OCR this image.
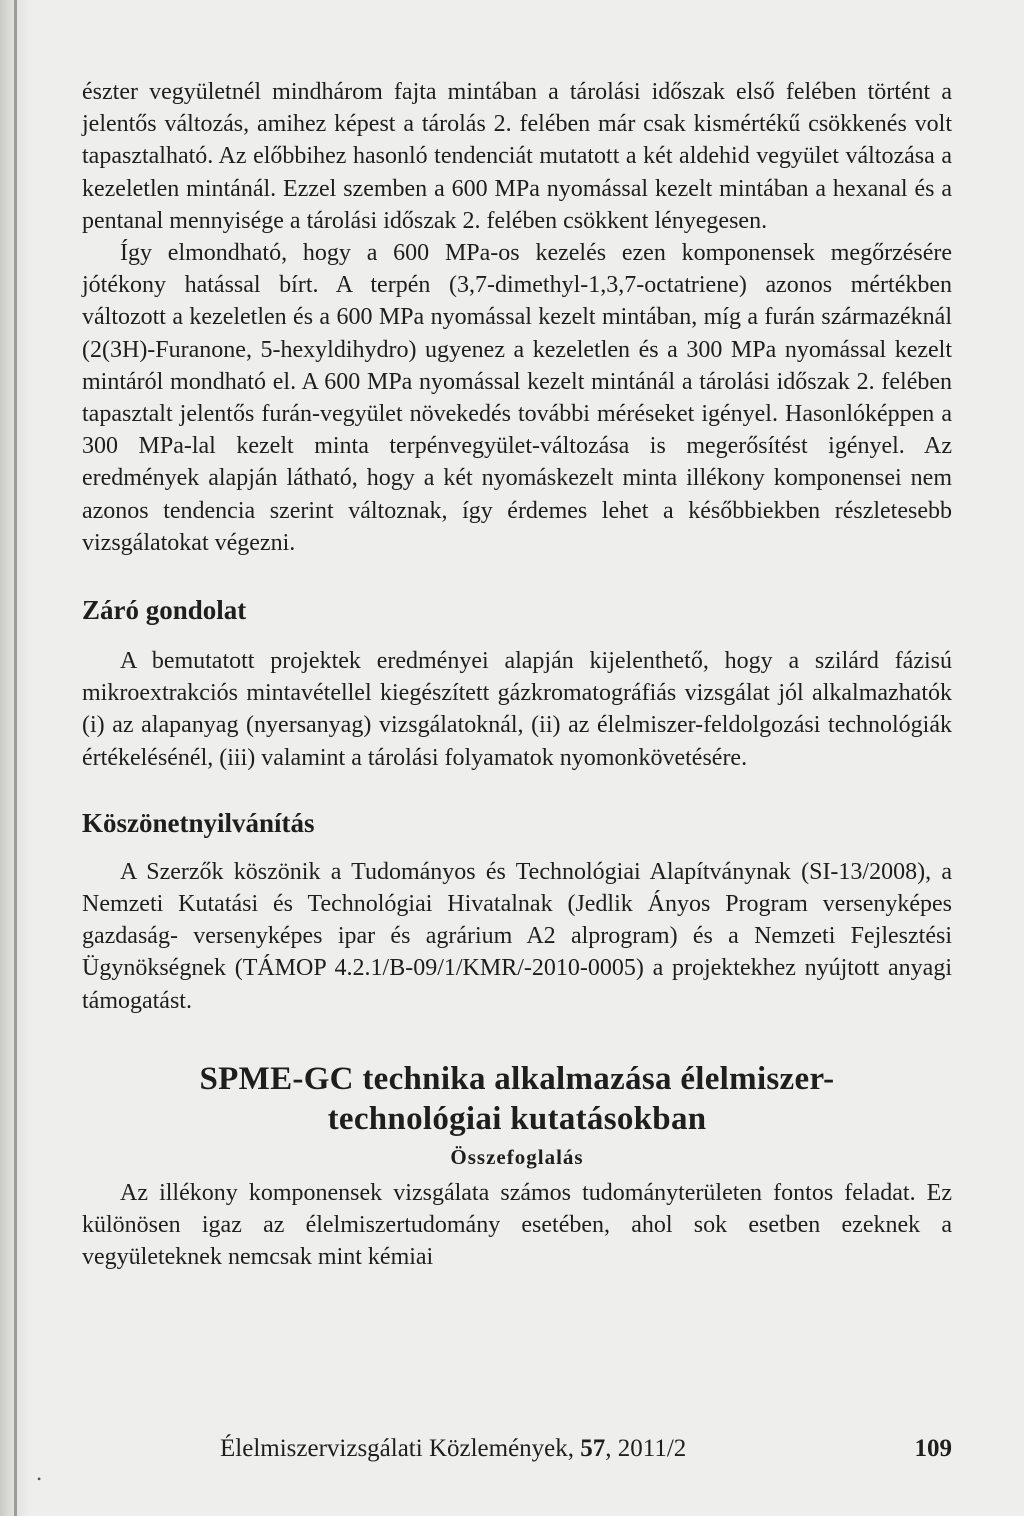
észter vegyületnél mindhárom fajta mintában a tárolási időszak első felében történt a jelentős változás, amihez képest a tárolás 2. felében már csak kismértékű csökkenés volt tapasztalható. Az előbbihez hasonló tendenciát mutatott a két aldehid vegyület változása a kezeletlen mintánál. Ezzel szemben a 600 MPa nyomással kezelt mintában a hexanal és a pentanal mennyisége a tárolási időszak 2. felében csökkent lényegesen.

Így elmondható, hogy a 600 MPa-os kezelés ezen komponensek megőrzésére jótékony hatással bírt. A terpén (3,7-dimethyl-1,3,7-octatriene) azonos mértékben változott a kezeletlen és a 600 MPa nyomással kezelt mintában, míg a furán származéknál (2(3H)-Furanone, 5-hexyldihydro) ugyenez a kezeletlen és a 300 MPa nyomással kezelt mintáról mondható el. A 600 MPa nyomással kezelt mintánál a tárolási időszak 2. felében tapasztalt jelentős furán-vegyület növekedés további méréseket igényel. Hasonlóképpen a 300 MPa-lal kezelt minta terpénvegyület-változása is megerősítést igényel. Az eredmények alapján látható, hogy a két nyomáskezelt minta illékony komponensei nem azonos tendencia szerint változnak, így érdemes lehet a későbbiekben részletesebb vizsgálatokat végezni.

Záró gondolat

A bemutatott projektek eredményei alapján kijelenthető, hogy a szilárd fázisú mikroextrakciós mintavétellel kiegészített gázkromatográfiás vizsgálat jól alkalmazhatók (i) az alapanyag (nyersanyag) vizsgálatoknál, (ii) az élelmiszer-feldolgozási technológiák értékelésénél, (iii) valamint a tárolási folyamatok nyomonkövetésére.

Köszönetnyilvánítás

A Szerzők köszönik a Tudományos és Technológiai Alapítványnak (SI-13/2008), a Nemzeti Kutatási és Technológiai Hivatalnak (Jedlik Ányos Program versenyképes gazdaság- versenyképes ipar és agrárium A2 alprogram) és a Nemzeti Fejlesztési Ügynökségnek (TÁMOP 4.2.1/B-09/1/KMR/-2010-0005) a projektekhez nyújtott anyagi támogatást.

SPME-GC technika alkalmazása élelmiszer-
technológiai kutatásokban
Összefoglalás

Az illékony komponensek vizsgálata számos tudományterületen fontos feladat. Ez különösen igaz az élelmiszertudomány esetében, ahol sok esetben ezeknek a vegyületeknek nemcsak mint kémiai

Élelmiszervizsgálati Közlemények, 57, 2011/2	109
•
